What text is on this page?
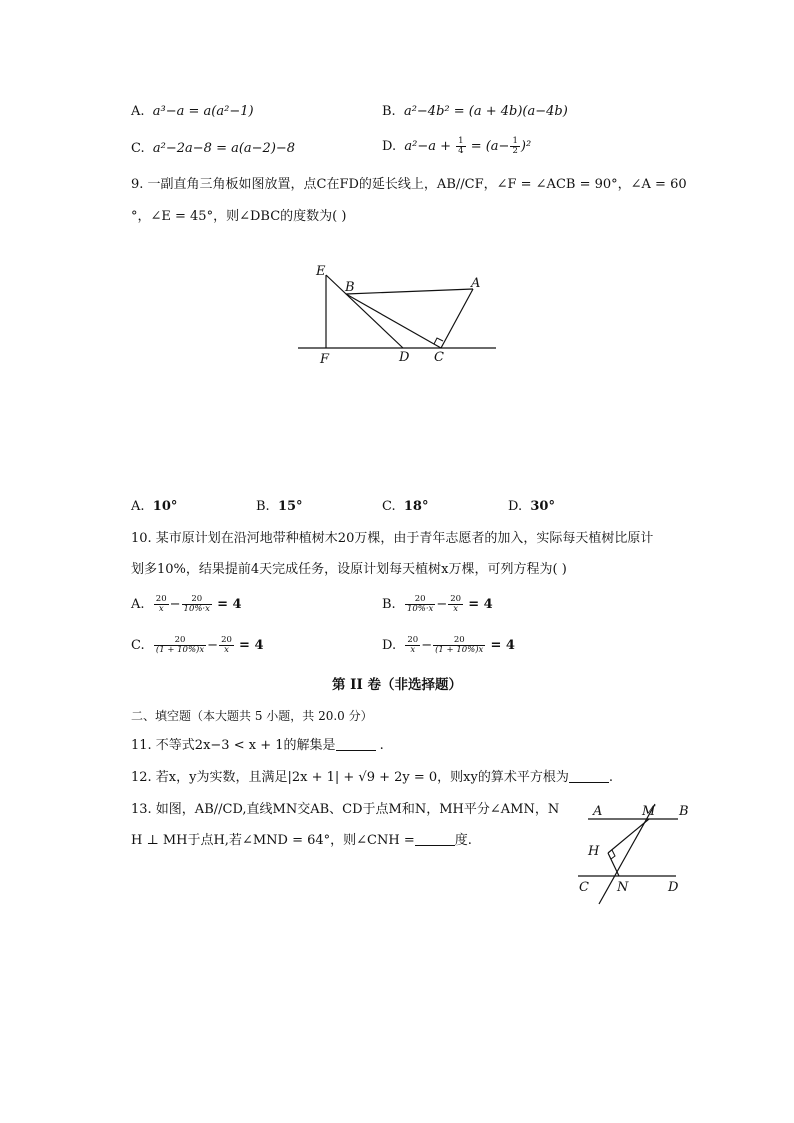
A. a³−a = a(a²−1)	B. a²−4b² = (a + 4b)(a−4b)
C. a²−2a−8 = a(a−2)−8	D. $a^2-a + \frac{1}{4} = (a- \frac{1}{2} )^2$
9. 一副直角三角板如图放置，点C在FD的延长线上，AB//CF，∠F = ∠ACB = 90°，∠A = 60
°，∠E = 45°，则∠DBC的度数为( )
E
B	A
F	D C
A. 10°	B. 15°	C. 18°	D. 30°
10. 某市原计划在沿河地带种植树木20万棵，由于青年志愿者的加入，实际每天植树比原计
划多10%，结果提前4天完成任务，设原计划每天植树x万棵，可列方程为( )
A. $\frac{20}{x} - \frac{20}{10\%\cdot x} = 4$	B. $\frac{20}{10\%\cdot x} - \frac{20}{x} = 4$
C. $\frac{20}{(1 + 10\%)x} - \frac{20}{x} = 4$	D. $\frac{20}{x} - \frac{20}{(1 + 10\%)x} = 4$
第 II 卷（非选择题）
二、填空题（本大题共 5 小题，共 20.0 分）
11. 不等式2x−3 < x + 1的解集是	.
12. 若x，y为实数，且满足|2x + 1| + √9 + 2y = 0，则xy的算术平方根为	.
13. 如图，AB//CD,直线MN交AB、CD于点M和N，MH平分∠AMN，N
H ⊥ MH于点H,若∠MND = 64°，则∠CNH =	度.
A	M B
H
C N	D
